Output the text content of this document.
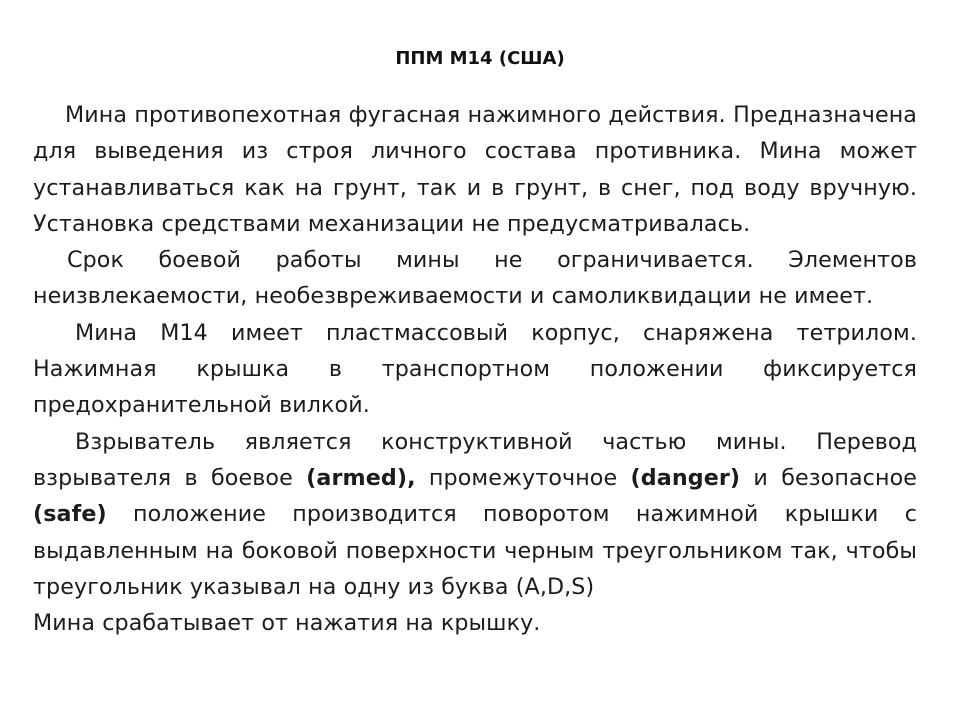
ППМ М14 (США)

Мина противопехотная фугасная нажимного действия. Предназначена для выведения из строя личного состава противника. Мина может устанавливаться как на грунт, так и в грунт, в снег, под воду вручную. Установка средствами механизации не предусматривалась.

Срок боевой работы мины не ограничивается. Элементов неизвлекаемости, необезвреживаемости и самоликвидации не имеет.

Мина М14 имеет пластмассовый корпус, снаряжена тетрилом. Нажимная крышка в транспортном положении фиксируется предохранительной вилкой.

Взрыватель является конструктивной частью мины. Перевод взрывателя в боевое (armed), промежуточное (danger) и безопасное (safe) положение производится поворотом нажимной крышки с выдавленным на боковой поверхности черным треугольником так, чтобы треугольник указывал на одну из буква (A,D,S)

Мина срабатывает от нажатия на крышку.
